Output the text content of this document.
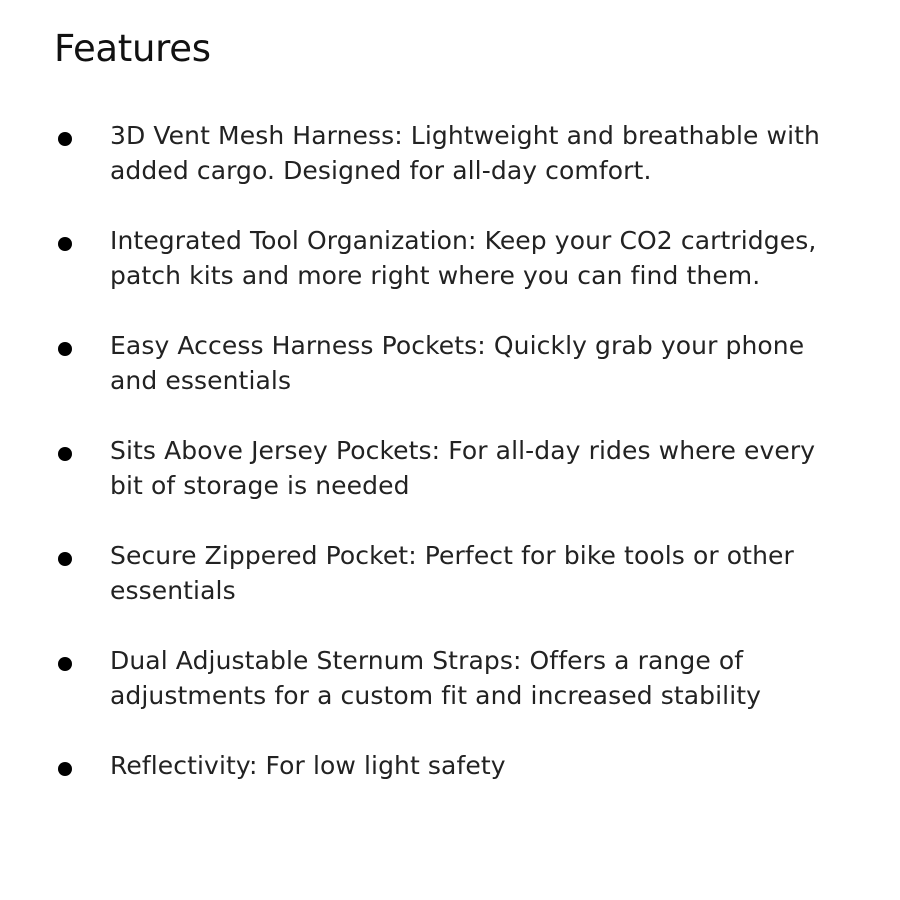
Features
3D Vent Mesh Harness: Lightweight and breathable with added cargo. Designed for all-day comfort.
Integrated Tool Organization: Keep your CO2 cartridges, patch kits and more right where you can find them.
Easy Access Harness Pockets: Quickly grab your phone and essentials
Sits Above Jersey Pockets: For all-day rides where every bit of storage is needed
Secure Zippered Pocket: Perfect for bike tools or other essentials
Dual Adjustable Sternum Straps: Offers a range of adjustments for a custom fit and increased stability
Reflectivity: For low light safety
